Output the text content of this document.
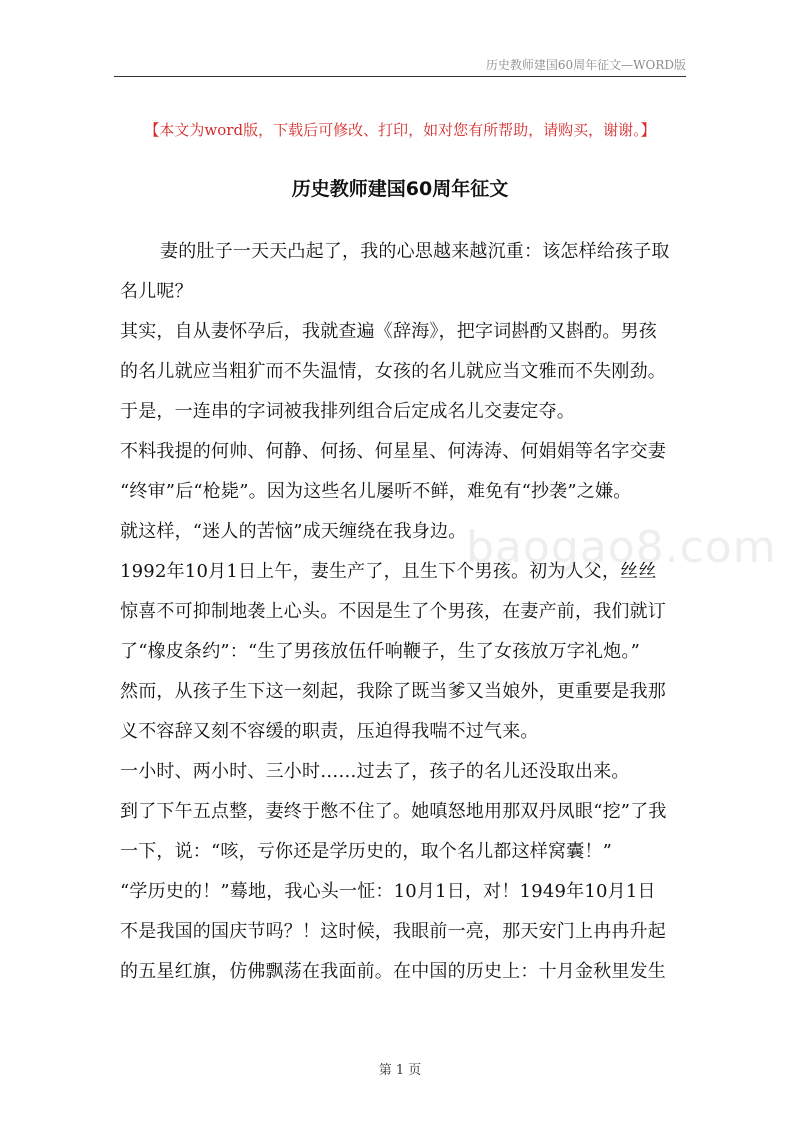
历史教师建国60周年征文—WORD版
【本文为word版，下载后可修改、打印，如对您有所帮助，请购买，谢谢。】
历史教师建国60周年征文
妻的肚子一天天凸起了，我的心思越来越沉重：该怎样给孩子取
名儿呢？
其实，自从妻怀孕后，我就查遍《辞海》，把字词斟酌又斟酌。男孩
的名儿就应当粗犷而不失温情，女孩的名儿就应当文雅而不失刚劲。
于是，一连串的字词被我排列组合后定成名儿交妻定夺。
不料我提的何帅、何静、何扬、何星星、何涛涛、何娟娟等名字交妻
“终审”后“枪毙”。因为这些名儿屡听不鲜，难免有“抄袭”之嫌。
就这样，“迷人的苦恼”成天缠绕在我身边。
1992年10月1日上午，妻生产了，且生下个男孩。初为人父，丝丝
惊喜不可抑制地袭上心头。不因是生了个男孩，在妻产前，我们就订
了“橡皮条约”：“生了男孩放伍仟响鞭子，生了女孩放万字礼炮。”
然而，从孩子生下这一刻起，我除了既当爹又当娘外，更重要是我那
义不容辞又刻不容缓的职责，压迫得我喘不过气来。
一小时、两小时、三小时……过去了，孩子的名儿还没取出来。
到了下午五点整，妻终于憋不住了。她嗔怒地用那双丹凤眼“挖”了我
一下，说：“咳，亏你还是学历史的，取个名儿都这样窝囊！”
“学历史的！”蓦地，我心头一怔：10月1日，对！1949年10月1日
不是我国的国庆节吗？！这时候，我眼前一亮，那天安门上冉冉升起
的五星红旗，仿佛飘荡在我面前。在中国的历史上：十月金秋里发生
baogao8.com
第 1 页
